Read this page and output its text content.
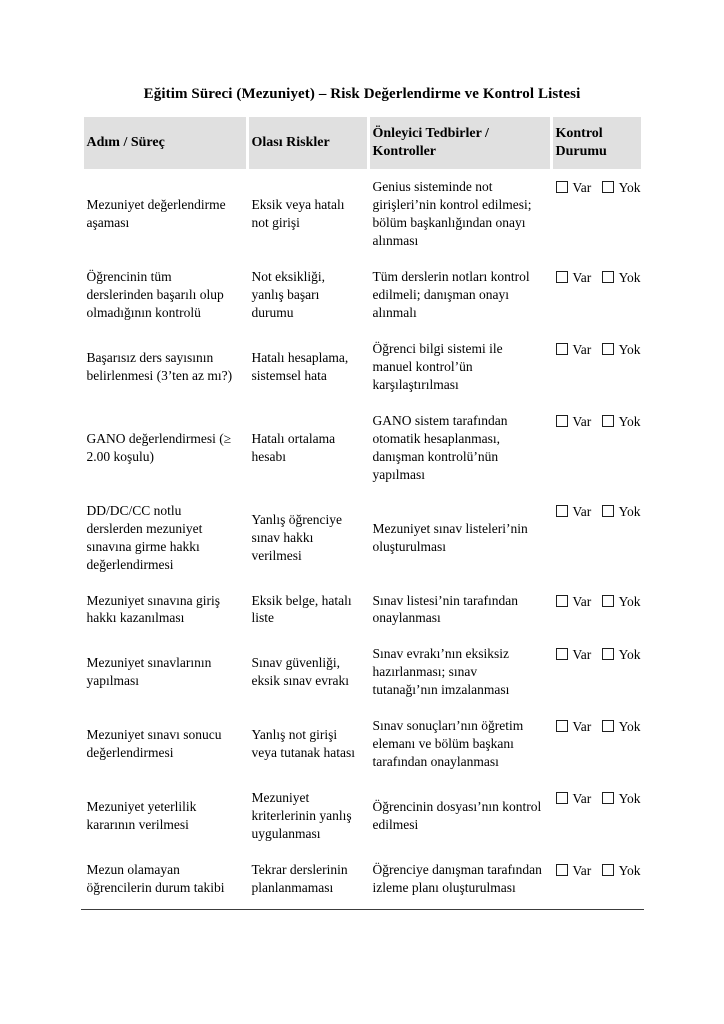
Eğitim Süreci (Mezuniyet) – Risk Değerlendirme ve Kontrol Listesi
Adım / Süreç	Olası Riskler	Önleyici Tedbirler / Kontroller	Kontrol Durumu
Mezuniyet değerlendirme aşaması	Eksik veya hatalı not girişi	Genius sisteminde not girişleri’nin kontrol edilmesi; bölüm başkanlığından onayı alınması	Var Yok
Öğrencinin tüm derslerinden başarılı olup olmadığının kontrolü	Not eksikliği, yanlış başarı durumu	Tüm derslerin notları kontrol edilmeli; danışman onayı alınmalı	Var Yok
Başarısız ders sayısının belirlenmesi (3’ten az mı?)	Hatalı hesaplama, sistemsel hata	Öğrenci bilgi sistemi ile manuel kontrol’ün karşılaştırılması	Var Yok
GANO değerlendirmesi (≥ 2.00 koşulu)	Hatalı ortalama hesabı	GANO sistem tarafından otomatik hesaplanması, danışman kontrolü’nün yapılması	Var Yok
DD/DC/CC notlu derslerden mezuniyet sınavına girme hakkı değerlendirmesi	Yanlış öğrenciye sınav hakkı verilmesi	Mezuniyet sınav listeleri’nin oluşturulması	Var Yok
Mezuniyet sınavına giriş hakkı kazanılması	Eksik belge, hatalı liste	Sınav listesi’nin tarafından onaylanması	Var Yok
Mezuniyet sınavlarının yapılması	Sınav güvenliği, eksik sınav evrakı	Sınav evrakı’nın eksiksiz hazırlanması; sınav tutanağı’nın imzalanması	Var Yok
Mezuniyet sınavı sonucu değerlendirmesi	Yanlış not girişi veya tutanak hatası	Sınav sonuçları’nın öğretim elemanı ve bölüm başkanı tarafından onaylanması	Var Yok
Mezuniyet yeterlilik kararının verilmesi	Mezuniyet kriterlerinin yanlış uygulanması	Öğrencinin dosyası’nın kontrol edilmesi	Var Yok
Mezun olamayan öğrencilerin durum takibi	Tekrar derslerinin planlanmaması	Öğrenciye danışman tarafından izleme planı oluşturulması	Var Yok
